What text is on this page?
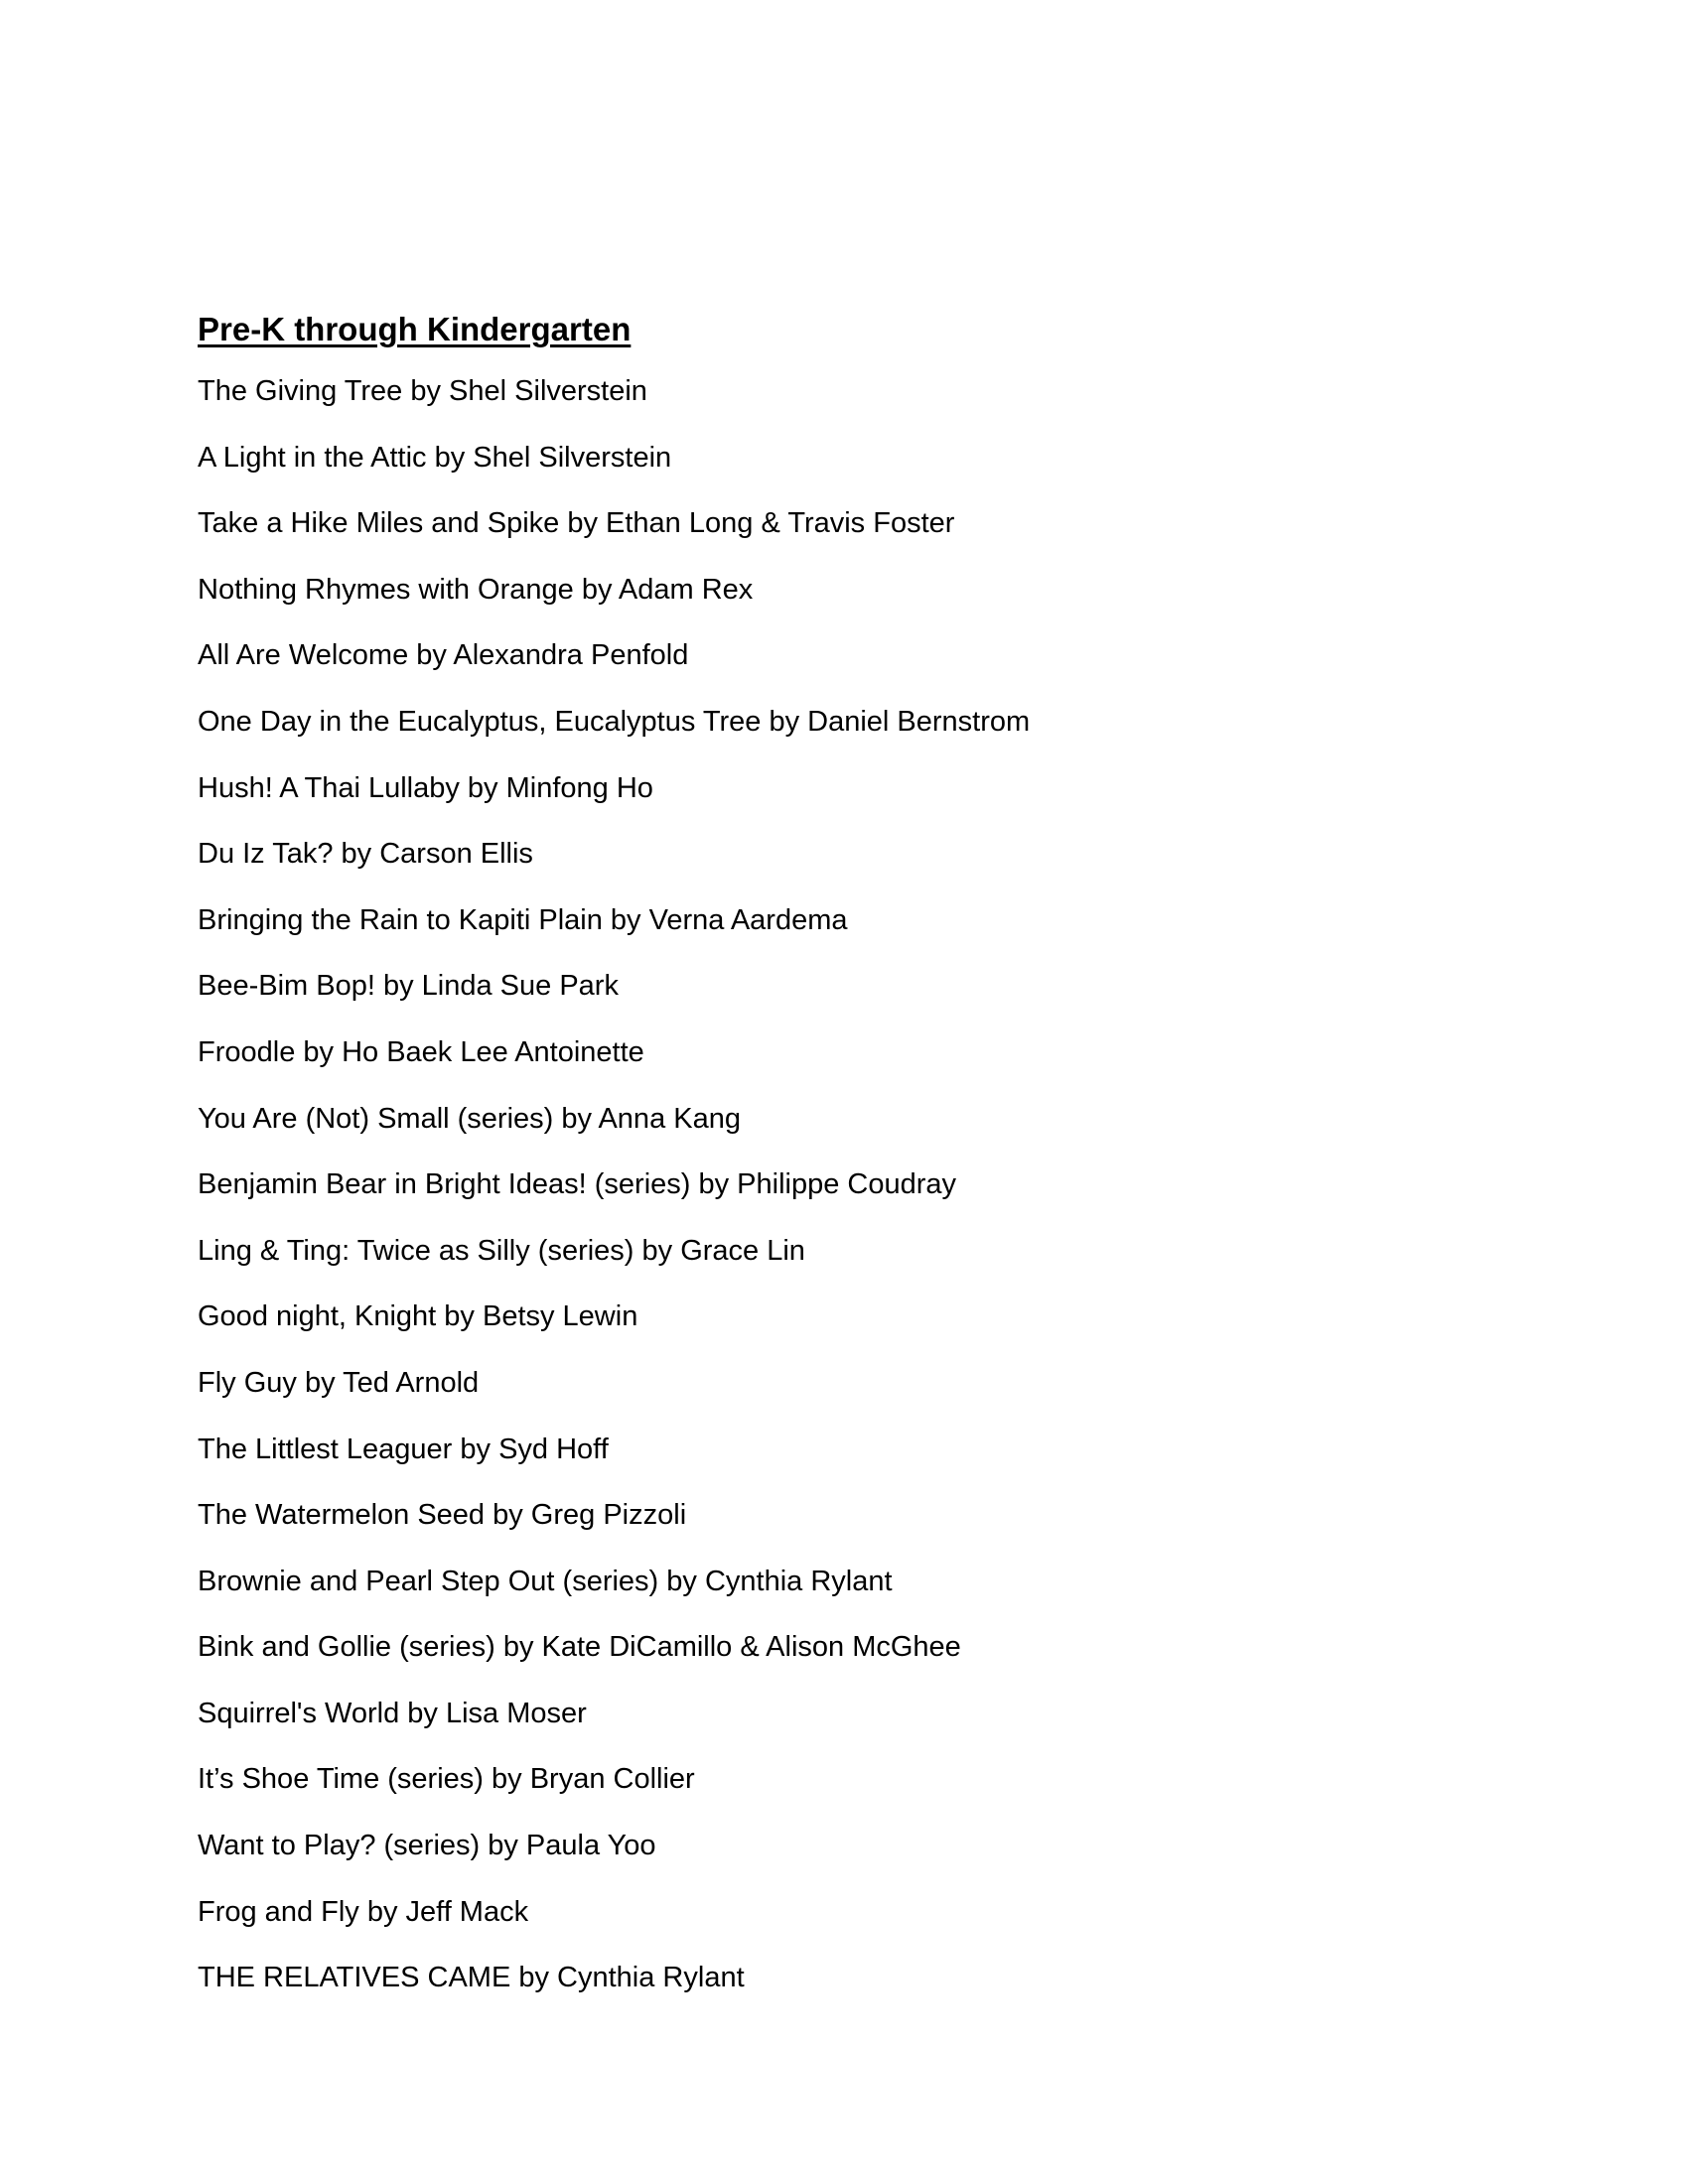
Pre-K through Kindergarten
The Giving Tree by Shel Silverstein
A Light in the Attic by Shel Silverstein
Take a Hike Miles and Spike by Ethan Long & Travis Foster
Nothing Rhymes with Orange by Adam Rex
All Are Welcome by Alexandra Penfold
One Day in the Eucalyptus, Eucalyptus Tree by Daniel Bernstrom
Hush! A Thai Lullaby by Minfong Ho
Du Iz Tak? by Carson Ellis
Bringing the Rain to Kapiti Plain by Verna Aardema
Bee-Bim Bop! by Linda Sue Park
Froodle by Ho Baek Lee Antoinette
You Are (Not) Small (series) by Anna Kang
Benjamin Bear in Bright Ideas! (series) by Philippe Coudray
Ling & Ting: Twice as Silly (series) by Grace Lin
Good night, Knight by Betsy Lewin
Fly Guy by Ted Arnold
The Littlest Leaguer by Syd Hoff
The Watermelon Seed by Greg Pizzoli
Brownie and Pearl Step Out (series) by Cynthia Rylant
Bink and Gollie (series) by Kate DiCamillo & Alison McGhee
Squirrel's World by Lisa Moser
It’s Shoe Time (series) by Bryan Collier
Want to Play? (series) by Paula Yoo
Frog and Fly by Jeff Mack
THE RELATIVES CAME by Cynthia Rylant
